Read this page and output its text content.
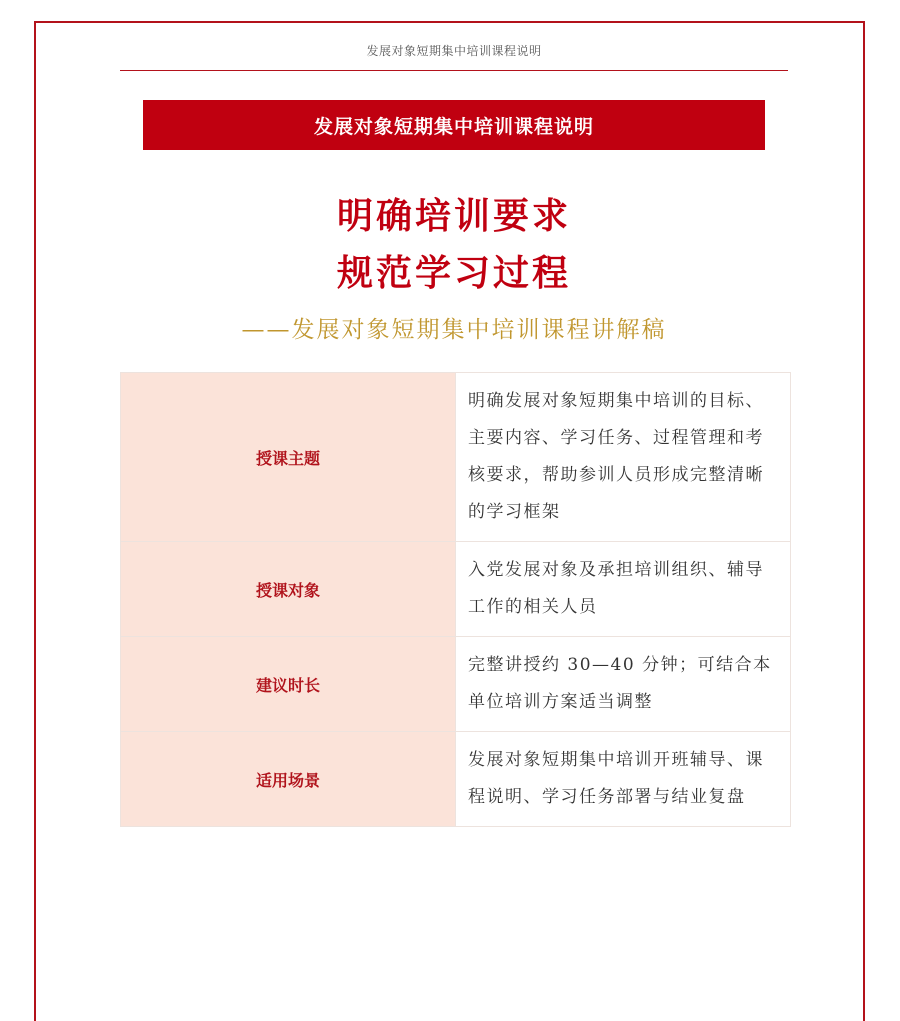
发展对象短期集中培训课程说明
发展对象短期集中培训课程说明
明确培训要求
规范学习过程
——发展对象短期集中培训课程讲解稿
授课主题	明确发展对象短期集中培训的目标、主要内容、学习任务、过程管理和考核要求，帮助参训人员形成完整清晰的学习框架
授课对象	入党发展对象及承担培训组织、辅导工作的相关人员
建议时长	完整讲授约 30—40 分钟；可结合本单位培训方案适当调整
适用场景	发展对象短期集中培训开班辅导、课程说明、学习任务部署与结业复盘
